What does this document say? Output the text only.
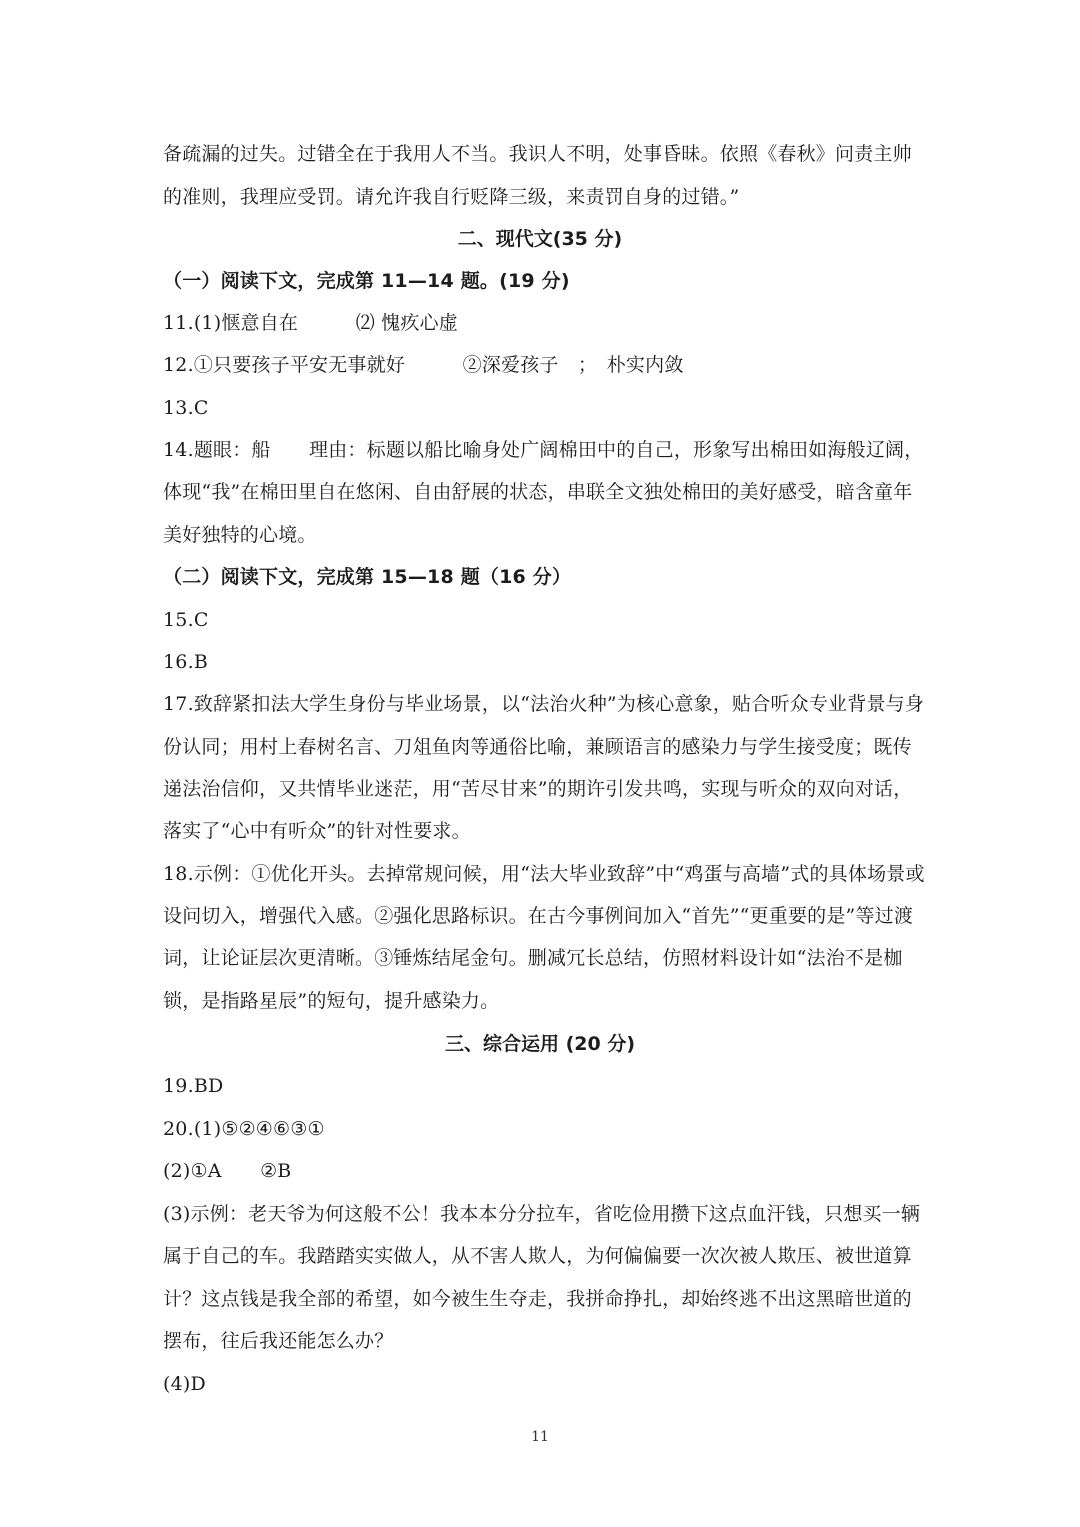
备疏漏的过失。过错全在于我用人不当。我识人不明，处事昏昧。依照《春秋》问责主帅
的准则，我理应受罚。请允许我自行贬降三级，来责罚自身的过错。”
二、现代文(35 分)
（一）阅读下文，完成第 11—14 题。(19 分)
11.(1)惬意自在　　　⑵ 愧疚心虚
12.①只要孩子平安无事就好　　　②深爱孩子　；　朴实内敛
13.C
14.题眼：船　　理由：标题以船比喻身处广阔棉田中的自己，形象写出棉田如海般辽阔，
体现“我”在棉田里自在悠闲、自由舒展的状态，串联全文独处棉田的美好感受，暗含童年
美好独特的心境。
（二）阅读下文，完成第 15—18 题（16 分）
15.C
16.B
17.致辞紧扣法大学生身份与毕业场景，以“法治火种”为核心意象，贴合听众专业背景与身
份认同；用村上春树名言、刀俎鱼肉等通俗比喻，兼顾语言的感染力与学生接受度；既传
递法治信仰，又共情毕业迷茫，用“苦尽甘来”的期许引发共鸣，实现与听众的双向对话，
落实了“心中有听众”的针对性要求。
18.示例：①优化开头。去掉常规问候，用“法大毕业致辞”中“鸡蛋与高墙”式的具体场景或
设问切入，增强代入感。②强化思路标识。在古今事例间加入“首先”“更重要的是”等过渡
词，让论证层次更清晰。③锤炼结尾金句。删减冗长总结，仿照材料设计如“法治不是枷
锁，是指路星辰”的短句，提升感染力。
三、综合运用 (20 分)
19.BD
20.(1)⑤②④⑥③①
(2)①A　　②B
(3)示例：老天爷为何这般不公！我本本分分拉车，省吃俭用攒下这点血汗钱，只想买一辆
属于自己的车。我踏踏实实做人，从不害人欺人，为何偏偏要一次次被人欺压、被世道算
计？这点钱是我全部的希望，如今被生生夺走，我拼命挣扎，却始终逃不出这黑暗世道的
摆布，往后我还能怎么办？
(4)D
11
